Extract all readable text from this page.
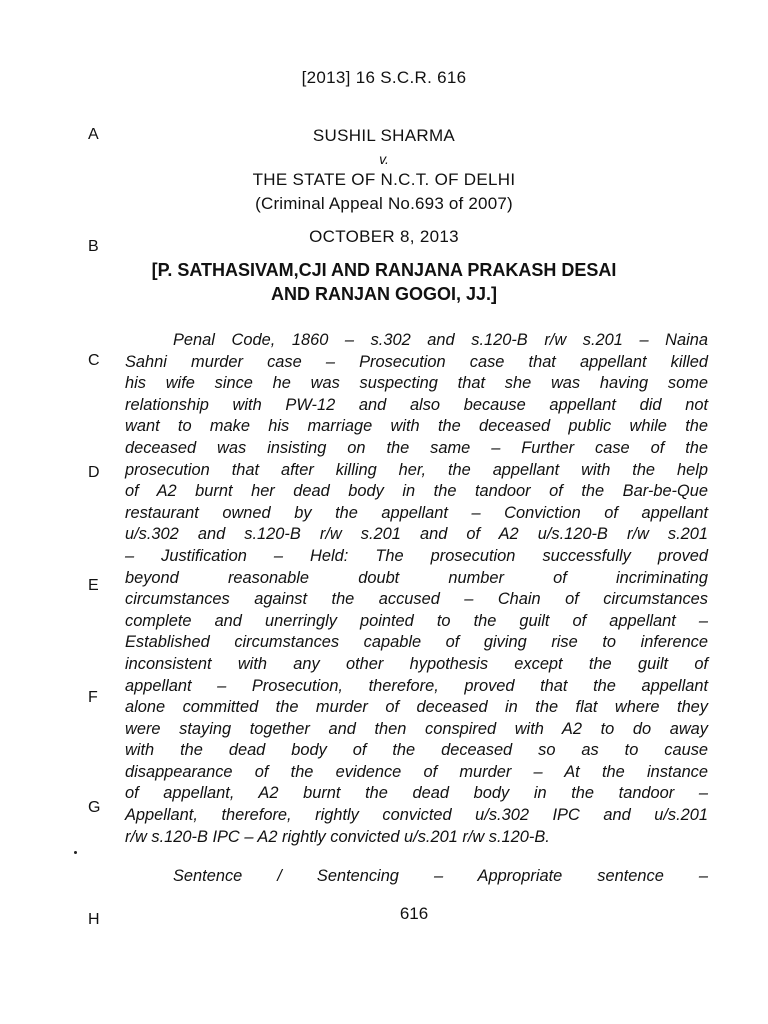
[2013] 16 S.C.R. 616
SUSHIL SHARMA
v.
THE STATE OF N.C.T. OF DELHI
(Criminal Appeal No.693 of 2007)
OCTOBER 8, 2013
[P. SATHASIVAM,CJI AND RANJANA PRAKASH DESAI
AND RANJAN GOGOI, JJ.]
A
B
C
D
E
F
G
H
Penal Code, 1860 – s.302 and s.120-B r/w s.201 – Naina
Sahni murder case – Prosecution case that appellant killed
his wife since he was suspecting that she was having some
relationship with PW-12 and also because appellant did not
want to make his marriage with the deceased public while the
deceased was insisting on the same – Further case of the
prosecution that after killing her, the appellant with the help
of A2 burnt her dead body in the tandoor of the Bar-be-Que
restaurant owned by the appellant – Conviction of appellant
u/s.302 and s.120-B r/w s.201 and of A2 u/s.120-B r/w s.201
– Justification – Held: The prosecution successfully proved
beyond reasonable doubt number of incriminating
circumstances against the accused – Chain of circumstances
complete and unerringly pointed to the guilt of appellant –
Established circumstances capable of giving rise to inference
inconsistent with any other hypothesis except the guilt of
appellant – Prosecution, therefore, proved that the appellant
alone committed the murder of deceased in the flat where they
were staying together and then conspired with A2 to do away
with the dead body of the deceased so as to cause
disappearance of the evidence of murder – At the instance
of appellant, A2 burnt the dead body in the tandoor –
Appellant, therefore, rightly convicted u/s.302 IPC and u/s.201
r/w s.120-B IPC – A2 rightly convicted u/s.201 r/w s.120-B.
Sentence / Sentencing – Appropriate sentence –
616
